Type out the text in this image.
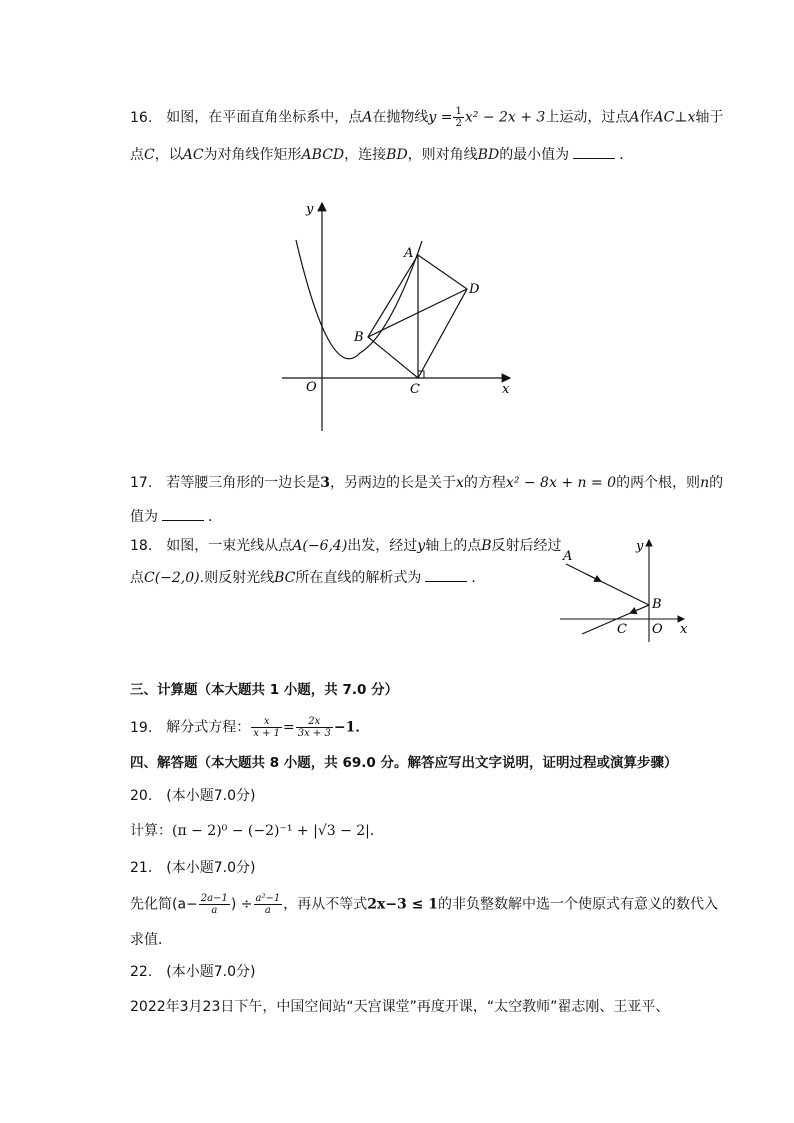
16. 如图，在平面直角坐标系中，点A在抛物线$y = \frac{1}{2} x^2 - 2x + 3$上运动，过点A作AC⊥x轴于
点C，以AC为对角线作矩形ABCD，连接BD，则对角线BD的最小值为	．
y
A
B
C
D
O	x
17. 若等腰三角形的一边长是3，另两边的长是关于x的方程x² − 8x + n = 0的两个根，则n的
值为	．
18. 如图，一束光线从点A(−6,4)出发，经过y轴上的点B反射后经过
点C(−2,0).则反射光线BC所在直线的解析式为	．
y
A
B
C O x
三、计算题（本大题共 1 小题，共 7.0 分）
19. 解分式方程： $\frac{x}{x + 1} = \frac{2x}{3x + 3} -1$．
四、解答题（本大题共 8 小题，共 69.0 分。解答应写出文字说明，证明过程或演算步骤）
20. (本小题7.0分)
计算：(π − 2)⁰ − (−2)⁻¹ + |√3 − 2|．
21. (本小题7.0分)
先化简($a- \frac{2a-1}{a}$ ) ÷ $\frac{\text{a²−1}}{a}$ ，再从不等式2x−3 ≤ 1的非负整数解中选一个使原式有意义的数代入
求值．
22. (本小题7.0分)
2022年3月23日下午，中国空间站“天宫课堂”再度开课，“太空教师”翟志刚、王亚平、
